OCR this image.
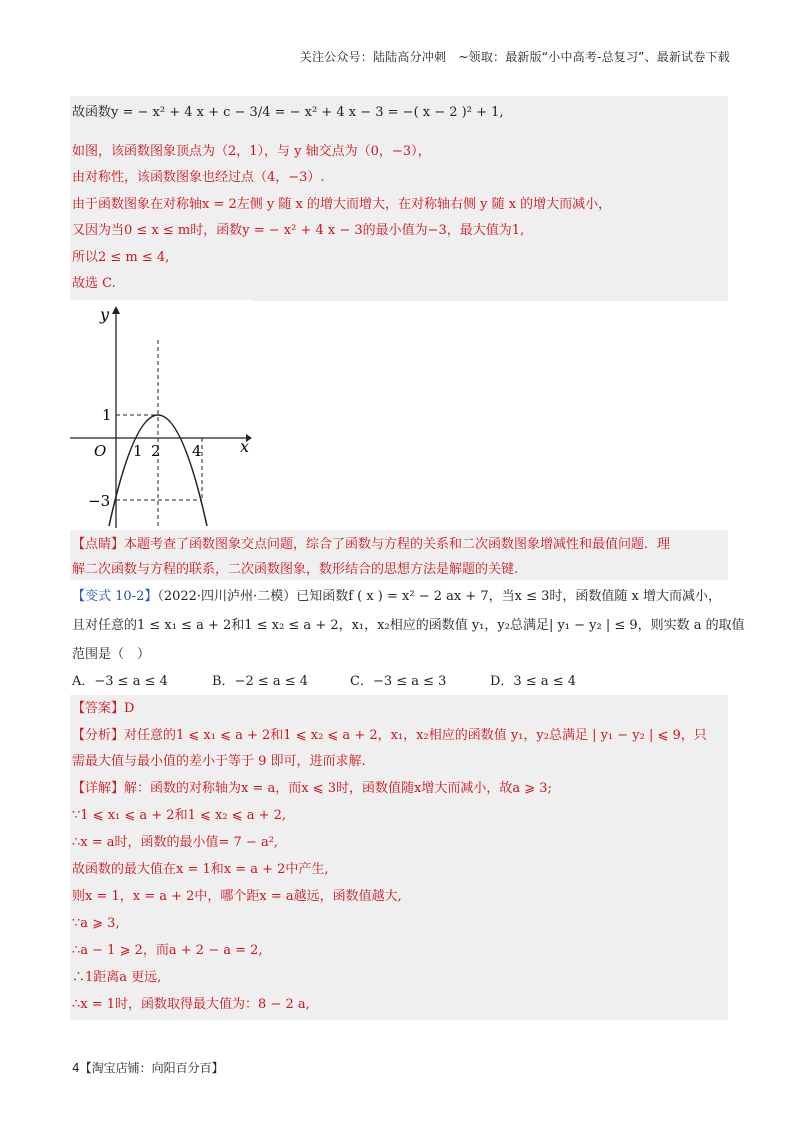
关注公众号：陆陆高分冲刺　~领取：最新版“小中高考-总复习”、最新试卷下载
故函数y = − x² + 4 x + c − 3/4 = − x² + 4 x − 3 = −( x − 2 )² + 1,
如图，该函数图象顶点为（2，1），与 y 轴交点为（0，−3），
由对称性，该函数图象也经过点（4，−3）.
由于函数图象在对称轴x = 2左侧 y 随 x 的增大而增大，在对称轴右侧 y 随 x 的增大而减小，
又因为当0 ≤ x ≤ m时，函数y = − x² + 4 x − 3的最小值为−3，最大值为1,
所以2 ≤ m ≤ 4,
故选 C.
y
x
O 1 2 4
1
−3
【点睛】本题考查了函数图象交点问题，综合了函数与方程的关系和二次函数图象增减性和最值问题．理
解二次函数与方程的联系，二次函数图象，数形结合的思想方法是解题的关键.
【变式 10-2】（2022·四川泸州·二模）已知函数f ( x ) = x² − 2 ax + 7，当x ≤ 3时，函数值随 x 增大而减小，
且对任意的1 ≤ x₁ ≤ a + 2和1 ≤ x₂ ≤ a + 2，x₁，x₂相应的函数值 y₁，y₂总满足| y₁ − y₂ | ≤ 9，则实数 a 的取值
范围是（　）
A．−3 ≤ a ≤ 4	B．−2 ≤ a ≤ 4	C．−3 ≤ a ≤ 3	D．3 ≤ a ≤ 4
【答案】D
【分析】对任意的1 ⩽ x₁ ⩽ a + 2和1 ⩽ x₂ ⩽ a + 2，x₁，x₂相应的函数值 y₁，y₂总满足 | y₁ − y₂ | ⩽ 9，只
需最大值与最小值的差小于等于 9 即可，进而求解.
【详解】解：函数的对称轴为x = a，而x ⩽ 3时，函数值随x增大而减小，故a ⩾ 3;
∵1 ⩽ x₁ ⩽ a + 2和1 ⩽ x₂ ⩽ a + 2,
∴x = a时，函数的最小值= 7 − a²,
故函数的最大值在x = 1和x = a + 2中产生,
则x = 1，x = a + 2中，哪个距x = a越远，函数值越大,
∵a ⩾ 3,
∴a − 1 ⩾ 2，而a + 2 − a = 2,
∴1距离a 更远,
∴x = 1时，函数取得最大值为：8 − 2 a,
4【淘宝店铺：向阳百分百】
